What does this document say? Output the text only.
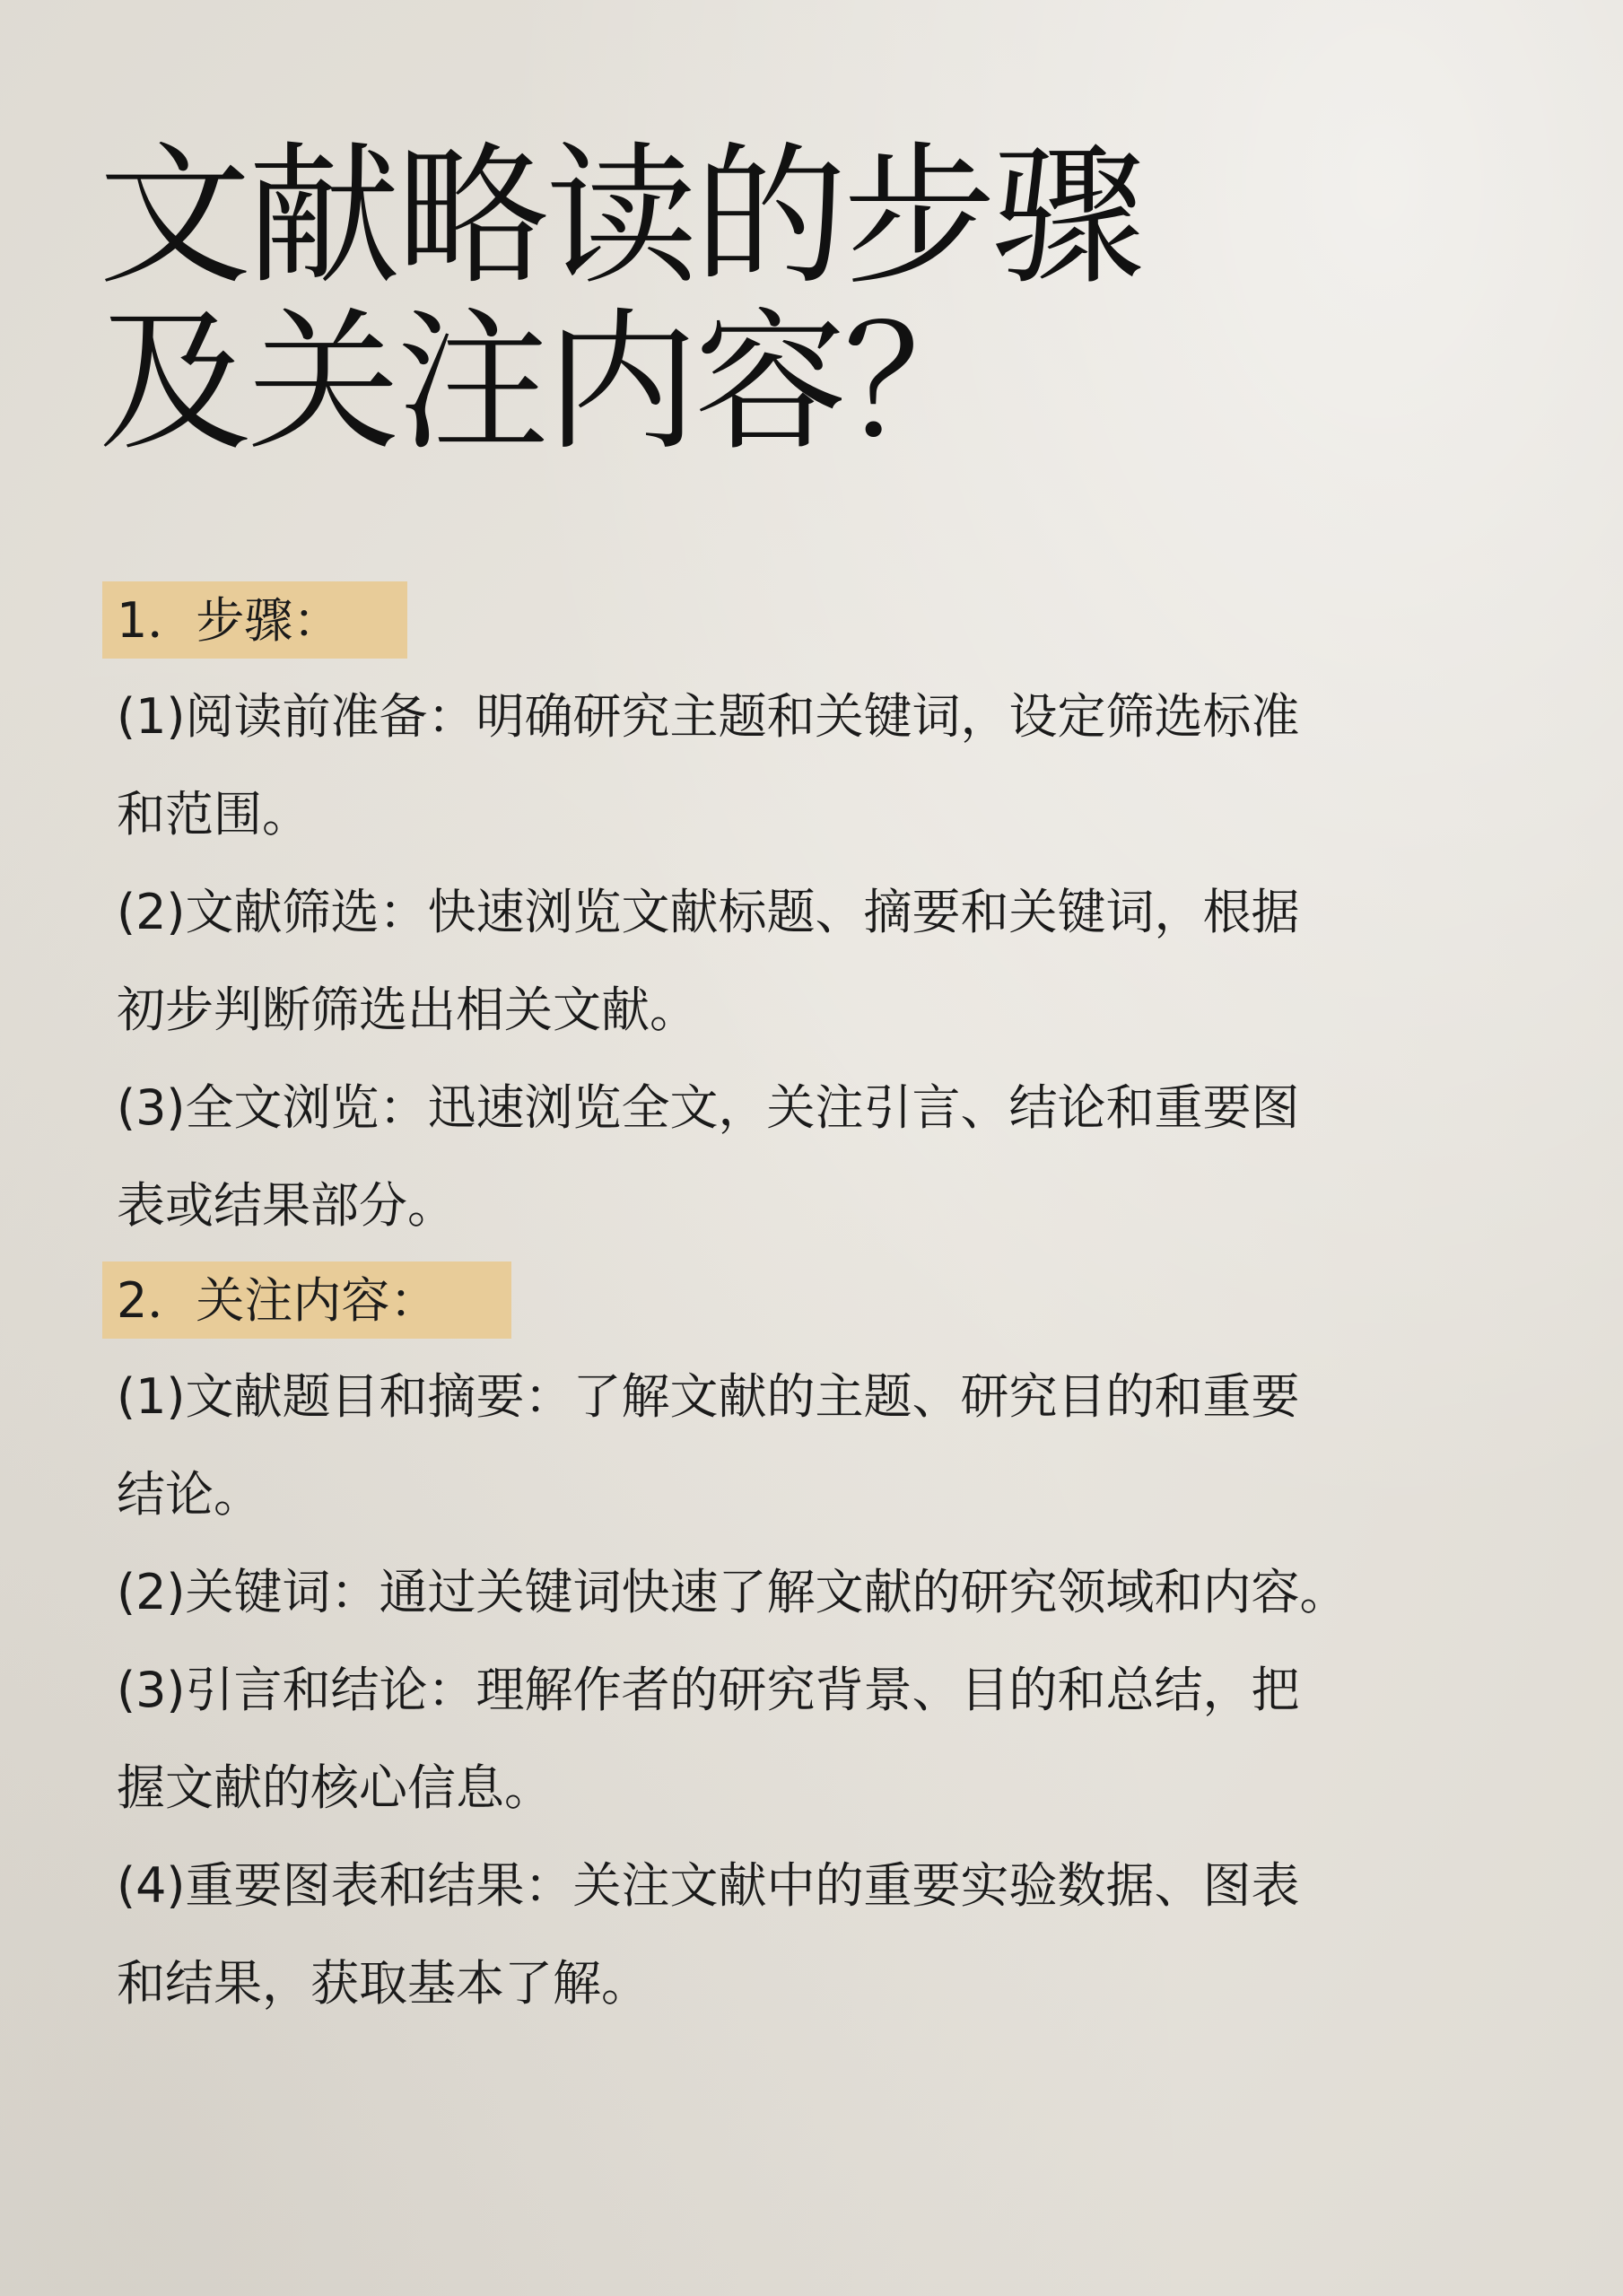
文献略读的步骤
及关注内容？
1．步骤：

(1)阅读前准备：明确研究主题和关键词，设定筛选标准
和范围。

(2)文献筛选：快速浏览文献标题、摘要和关键词，根据
初步判断筛选出相关文献。

(3)全文浏览：迅速浏览全文，关注引言、结论和重要图
表或结果部分。

2．关注内容：

(1)文献题目和摘要：了解文献的主题、研究目的和重要
结论。

(2)关键词：通过关键词快速了解文献的研究领域和内容。

(3)引言和结论：理解作者的研究背景、目的和总结，把
握文献的核心信息。

(4)重要图表和结果：关注文献中的重要实验数据、图表
和结果，获取基本了解。
